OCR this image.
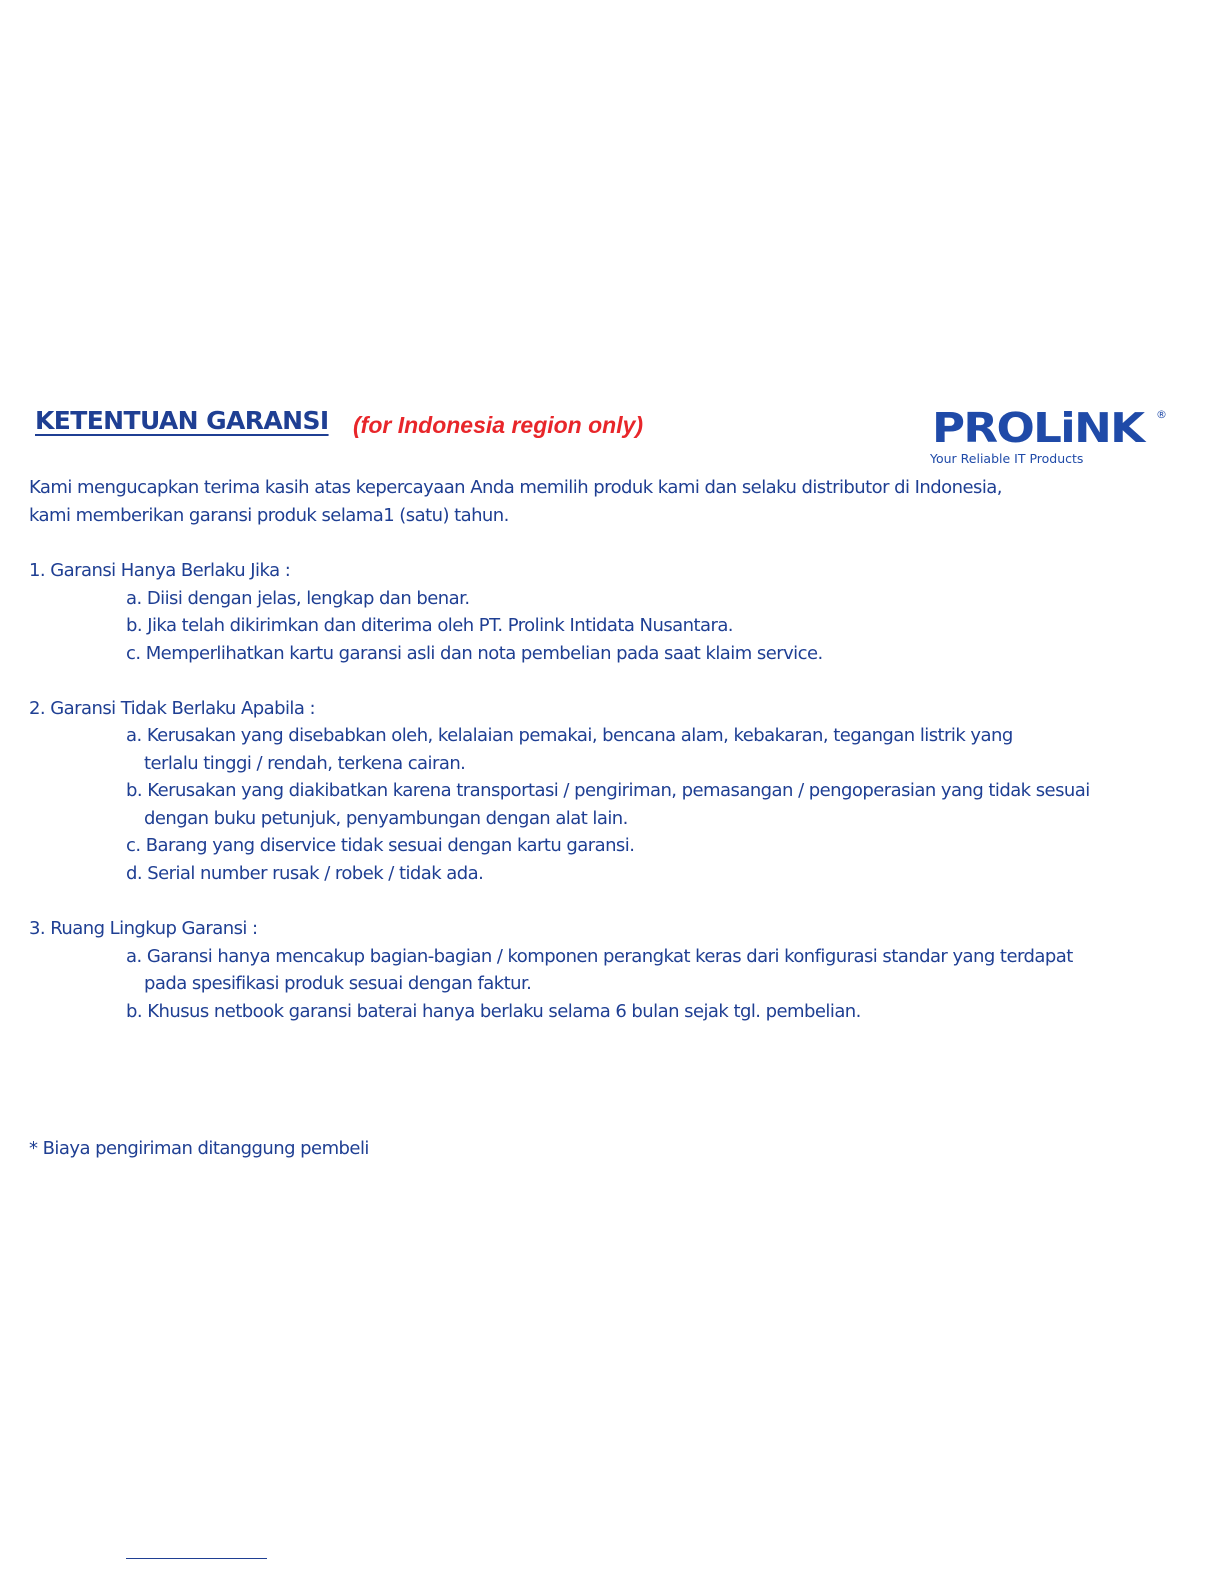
KETENTUAN GARANSI (for Indonesia region only)	PROLiNK ®
Your Reliable IT Products
Kami mengucapkan terima kasih atas kepercayaan Anda memilih produk kami dan selaku distributor di Indonesia,
kami memberikan garansi produk selama1 (satu) tahun.
1. Garansi Hanya Berlaku Jika :
a. Diisi dengan jelas, lengkap dan benar.
b. Jika telah dikirimkan dan diterima oleh PT. Prolink Intidata Nusantara.
c. Memperlihatkan kartu garansi asli dan nota pembelian pada saat klaim service.
2. Garansi Tidak Berlaku Apabila :
a. Kerusakan yang disebabkan oleh, kelalaian pemakai, bencana alam, kebakaran, tegangan listrik yang
terlalu tinggi / rendah, terkena cairan.
b. Kerusakan yang diakibatkan karena transportasi / pengiriman, pemasangan / pengoperasian yang tidak sesuai
dengan buku petunjuk, penyambungan dengan alat lain.
c. Barang yang diservice tidak sesuai dengan kartu garansi.
d. Serial number rusak / robek / tidak ada.
3. Ruang Lingkup Garansi :
a. Garansi hanya mencakup bagian-bagian / komponen perangkat keras dari konfigurasi standar yang terdapat
pada spesifikasi produk sesuai dengan faktur.
b. Khusus netbook garansi baterai hanya berlaku selama 6 bulan sejak tgl. pembelian.
* Biaya pengiriman ditanggung pembeli
